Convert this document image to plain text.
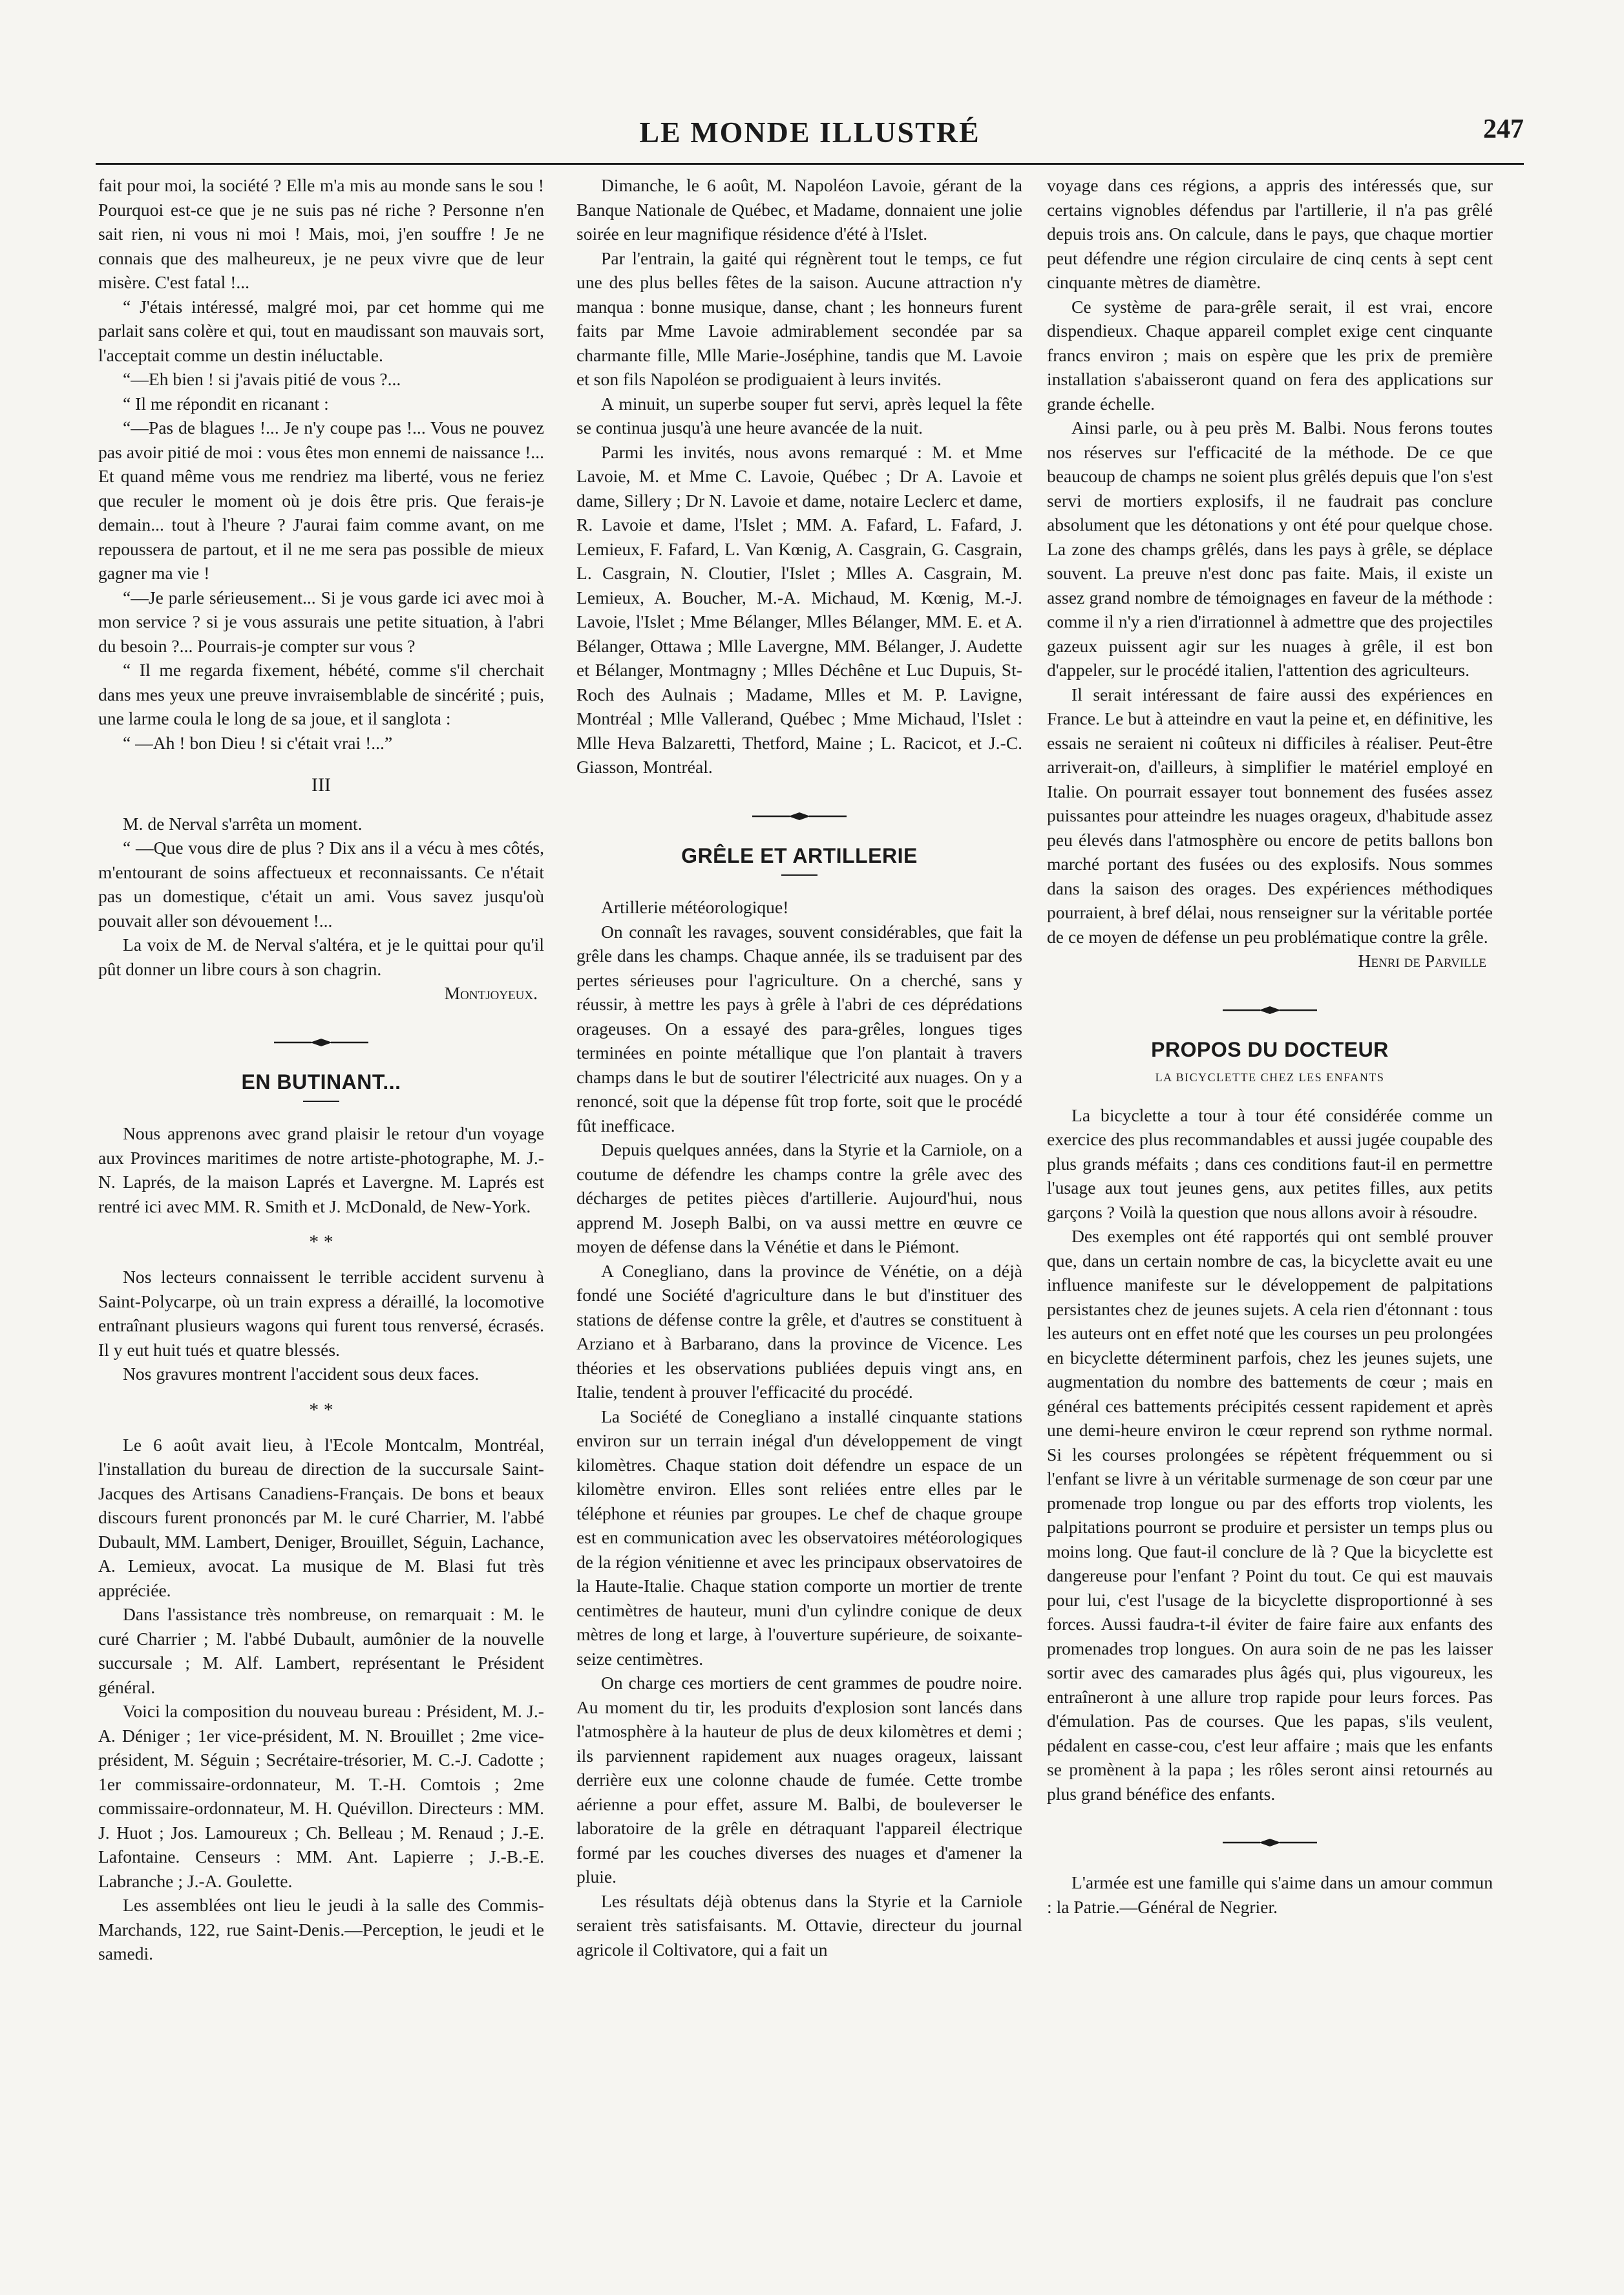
LE MONDE ILLUSTRÉ	247

fait pour moi, la société ? Elle m'a mis au monde sans le sou ! Pourquoi est-ce que je ne suis pas né riche ? Personne n'en sait rien, ni vous ni moi ! Mais, moi, j'en souffre ! Je ne connais que des malheureux, je ne peux vivre que de leur misère. C'est fatal !...

“ J'étais intéressé, malgré moi, par cet homme qui me parlait sans colère et qui, tout en maudissant son mauvais sort, l'acceptait comme un destin inéluctable.

“—Eh bien ! si j'avais pitié de vous ?...

“ Il me répondit en ricanant :

“—Pas de blagues !... Je n'y coupe pas !... Vous ne pouvez pas avoir pitié de moi : vous êtes mon ennemi de naissance !... Et quand même vous me rendriez ma liberté, vous ne feriez que reculer le moment où je dois être pris. Que ferais-je demain... tout à l'heure ? J'aurai faim comme avant, on me repoussera de partout, et il ne me sera pas possible de mieux gagner ma vie !

“—Je parle sérieusement... Si je vous garde ici avec moi à mon service ? si je vous assurais une petite situation, à l'abri du besoin ?... Pourrais-je compter sur vous ?

“ Il me regarda fixement, hébété, comme s'il cherchait dans mes yeux une preuve invraisemblable de sincérité ; puis, une larme coula le long de sa joue, et il sanglota :

“ —Ah ! bon Dieu ! si c'était vrai !...”

III

M. de Nerval s'arrêta un moment.

“ —Que vous dire de plus ? Dix ans il a vécu à mes côtés, m'entourant de soins affectueux et reconnaissants. Ce n'était pas un domestique, c'était un ami. Vous savez jusqu'où pouvait aller son dévouement !...

La voix de M. de Nerval s'altéra, et je le quittai pour qu'il pût donner un libre cours à son chagrin.

Montjoyeux.

EN BUTINANT...

Nous apprenons avec grand plaisir le retour d'un voyage aux Provinces maritimes de notre artiste-photographe, M. J.-N. Laprés, de la maison Laprés et Lavergne. M. Laprés est rentré ici avec MM. R. Smith et J. McDonald, de New-York.

* *

Nos lecteurs connaissent le terrible accident survenu à Saint-Polycarpe, où un train express a déraillé, la locomotive entraînant plusieurs wagons qui furent tous renversé, écrasés. Il y eut huit tués et quatre blessés.

Nos gravures montrent l'accident sous deux faces.

* *

Le 6 août avait lieu, à l'Ecole Montcalm, Montréal, l'installation du bureau de direction de la succursale Saint-Jacques des Artisans Canadiens-Français. De bons et beaux discours furent prononcés par M. le curé Charrier, M. l'abbé Dubault, MM. Lambert, Deniger, Brouillet, Séguin, Lachance, A. Lemieux, avocat. La musique de M. Blasi fut très appréciée.

Dans l'assistance très nombreuse, on remarquait : M. le curé Charrier ; M. l'abbé Dubault, aumônier de la nouvelle succursale ; M. Alf. Lambert, représentant le Président général.

Voici la composition du nouveau bureau : Président, M. J.-A. Déniger ; 1er vice-président, M. N. Brouillet ; 2me vice-président, M. Séguin ; Secrétaire-trésorier, M. C.-J. Cadotte ; 1er commissaire-ordonnateur, M. T.-H. Comtois ; 2me commissaire-ordonnateur, M. H. Quévillon. Directeurs : MM. J. Huot ; Jos. Lamoureux ; Ch. Belleau ; M. Renaud ; J.-E. Lafontaine. Censeurs : MM. Ant. Lapierre ; J.-B.-E. Labranche ; J.-A. Goulette.

Les assemblées ont lieu le jeudi à la salle des Commis-Marchands, 122, rue Saint-Denis.—Perception, le jeudi et le samedi.

Dimanche, le 6 août, M. Napoléon Lavoie, gérant de la Banque Nationale de Québec, et Madame, donnaient une jolie soirée en leur magnifique résidence d'été à l'Islet.

Par l'entrain, la gaité qui régnèrent tout le temps, ce fut une des plus belles fêtes de la saison. Aucune attraction n'y manqua : bonne musique, danse, chant ; les honneurs furent faits par Mme Lavoie admirablement secondée par sa charmante fille, Mlle Marie-Joséphine, tandis que M. Lavoie et son fils Napoléon se prodiguaient à leurs invités.

A minuit, un superbe souper fut servi, après lequel la fête se continua jusqu'à une heure avancée de la nuit.

Parmi les invités, nous avons remarqué : M. et Mme Lavoie, M. et Mme C. Lavoie, Québec ; Dr A. Lavoie et dame, Sillery ; Dr N. Lavoie et dame, notaire Leclerc et dame, R. Lavoie et dame, l'Islet ; MM. A. Fafard, L. Fafard, J. Lemieux, F. Fafard, L. Van Kœnig, A. Casgrain, G. Casgrain, L. Casgrain, N. Cloutier, l'Islet ; Mlles A. Casgrain, M. Lemieux, A. Boucher, M.-A. Michaud, M. Kœnig, M.-J. Lavoie, l'Islet ; Mme Bélanger, Mlles Bélanger, MM. E. et A. Bélanger, Ottawa ; Mlle Lavergne, MM. Bélanger, J. Audette et Bélanger, Montmagny ; Mlles Déchêne et Luc Dupuis, St-Roch des Aulnais ; Madame, Mlles et M. P. Lavigne, Montréal ; Mlle Vallerand, Québec ; Mme Michaud, l'Islet : Mlle Heva Balzaretti, Thetford, Maine ; L. Racicot, et J.-C. Giasson, Montréal.

GRÊLE ET ARTILLERIE

Artillerie météorologique!

On connaît les ravages, souvent considérables, que fait la grêle dans les champs. Chaque année, ils se traduisent par des pertes sérieuses pour l'agriculture. On a cherché, sans y réussir, à mettre les pays à grêle à l'abri de ces déprédations orageuses. On a essayé des para-grêles, longues tiges terminées en pointe métallique que l'on plantait à travers champs dans le but de soutirer l'électricité aux nuages. On y a renoncé, soit que la dépense fût trop forte, soit que le procédé fût inefficace.

Depuis quelques années, dans la Styrie et la Carniole, on a coutume de défendre les champs contre la grêle avec des décharges de petites pièces d'artillerie. Aujourd'hui, nous apprend M. Joseph Balbi, on va aussi mettre en œuvre ce moyen de défense dans la Vénétie et dans le Piémont.

A Conegliano, dans la province de Vénétie, on a déjà fondé une Société d'agriculture dans le but d'instituer des stations de défense contre la grêle, et d'autres se constituent à Arziano et à Barbarano, dans la province de Vicence. Les théories et les observations publiées depuis vingt ans, en Italie, tendent à prouver l'efficacité du procédé.

La Société de Conegliano a installé cinquante stations environ sur un terrain inégal d'un développement de vingt kilomètres. Chaque station doit défendre un espace de un kilomètre environ. Elles sont reliées entre elles par le téléphone et réunies par groupes. Le chef de chaque groupe est en communication avec les observatoires météorologiques de la région vénitienne et avec les principaux observatoires de la Haute-Italie. Chaque station comporte un mortier de trente centimètres de hauteur, muni d'un cylindre conique de deux mètres de long et large, à l'ouverture supérieure, de soixante-seize centimètres.

On charge ces mortiers de cent grammes de poudre noire. Au moment du tir, les produits d'explosion sont lancés dans l'atmosphère à la hauteur de plus de deux kilomètres et demi ; ils parviennent rapidement aux nuages orageux, laissant derrière eux une colonne chaude de fumée. Cette trombe aérienne a pour effet, assure M. Balbi, de bouleverser le laboratoire de la grêle en détraquant l'appareil électrique formé par les couches diverses des nuages et d'amener la pluie.

Les résultats déjà obtenus dans la Styrie et la Carniole seraient très satisfaisants. M. Ottavie, directeur du journal agricole il Coltivatore, qui a fait un

voyage dans ces régions, a appris des intéressés que, sur certains vignobles défendus par l'artillerie, il n'a pas grêlé depuis trois ans. On calcule, dans le pays, que chaque mortier peut défendre une région circulaire de cinq cents à sept cent cinquante mètres de diamètre.

Ce système de para-grêle serait, il est vrai, encore dispendieux. Chaque appareil complet exige cent cinquante francs environ ; mais on espère que les prix de première installation s'abaisseront quand on fera des applications sur grande échelle.

Ainsi parle, ou à peu près M. Balbi. Nous ferons toutes nos réserves sur l'efficacité de la méthode. De ce que beaucoup de champs ne soient plus grêlés depuis que l'on s'est servi de mortiers explosifs, il ne faudrait pas conclure absolument que les détonations y ont été pour quelque chose. La zone des champs grêlés, dans les pays à grêle, se déplace souvent. La preuve n'est donc pas faite. Mais, il existe un assez grand nombre de témoignages en faveur de la méthode : comme il n'y a rien d'irrationnel à admettre que des projectiles gazeux puissent agir sur les nuages à grêle, il est bon d'appeler, sur le procédé italien, l'attention des agriculteurs.

Il serait intéressant de faire aussi des expériences en France. Le but à atteindre en vaut la peine et, en définitive, les essais ne seraient ni coûteux ni difficiles à réaliser. Peut-être arriverait-on, d'ailleurs, à simplifier le matériel employé en Italie. On pourrait essayer tout bonnement des fusées assez puissantes pour atteindre les nuages orageux, d'habitude assez peu élevés dans l'atmosphère ou encore de petits ballons bon marché portant des fusées ou des explosifs. Nous sommes dans la saison des orages. Des expériences méthodiques pourraient, à bref délai, nous renseigner sur la véritable portée de ce moyen de défense un peu problématique contre la grêle.

Henri de Parville

PROPOS DU DOCTEUR
LA BICYCLETTE CHEZ LES ENFANTS

La bicyclette a tour à tour été considérée comme un exercice des plus recommandables et aussi jugée coupable des plus grands méfaits ; dans ces conditions faut-il en permettre l'usage aux tout jeunes gens, aux petites filles, aux petits garçons ? Voilà la question que nous allons avoir à résoudre.

Des exemples ont été rapportés qui ont semblé prouver que, dans un certain nombre de cas, la bicyclette avait eu une influence manifeste sur le développement de palpitations persistantes chez de jeunes sujets. A cela rien d'étonnant : tous les auteurs ont en effet noté que les courses un peu prolongées en bicyclette déterminent parfois, chez les jeunes sujets, une augmentation du nombre des battements de cœur ; mais en général ces battements précipités cessent rapidement et après une demi-heure environ le cœur reprend son rythme normal. Si les courses prolongées se répètent fréquemment ou si l'enfant se livre à un véritable surmenage de son cœur par une promenade trop longue ou par des efforts trop violents, les palpitations pourront se produire et persister un temps plus ou moins long. Que faut-il conclure de là ? Que la bicyclette est dangereuse pour l'enfant ? Point du tout. Ce qui est mauvais pour lui, c'est l'usage de la bicyclette disproportionné à ses forces. Aussi faudra-t-il éviter de faire faire aux enfants des promenades trop longues. On aura soin de ne pas les laisser sortir avec des camarades plus âgés qui, plus vigoureux, les entraîneront à une allure trop rapide pour leurs forces. Pas d'émulation. Pas de courses. Que les papas, s'ils veulent, pédalent en casse-cou, c'est leur affaire ; mais que les enfants se promènent à la papa ; les rôles seront ainsi retournés au plus grand bénéfice des enfants.

L'armée est une famille qui s'aime dans un amour commun : la Patrie.—Général de Negrier.
